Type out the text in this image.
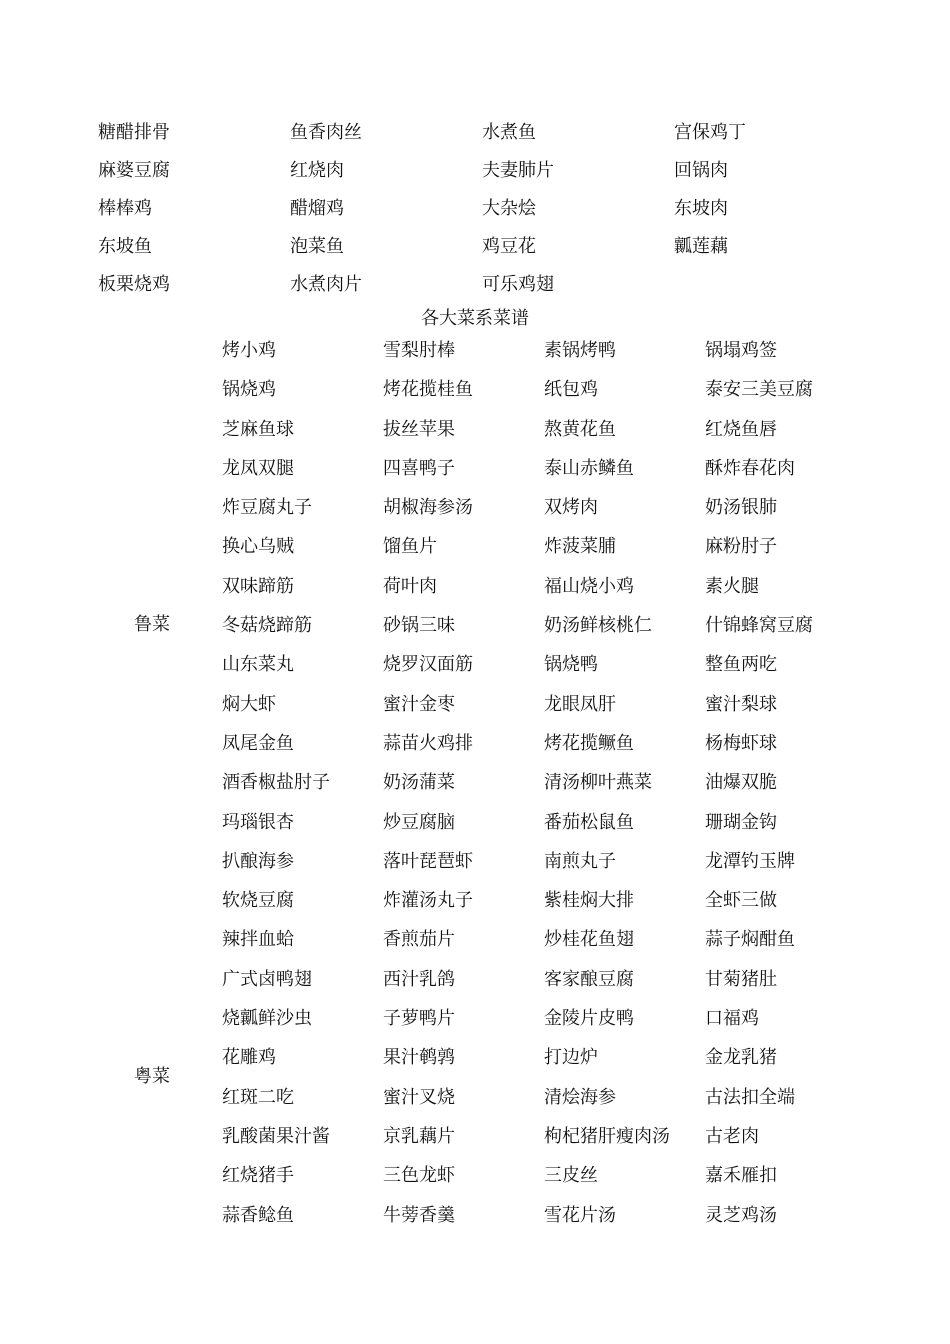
糖醋排骨	鱼香肉丝	水煮鱼	宫保鸡丁
麻婆豆腐	红烧肉	夫妻肺片	回锅肉
棒棒鸡	醋熘鸡	大杂烩	东坡肉
东坡鱼	泡菜鱼	鸡豆花	瓤莲藕
板栗烧鸡	水煮肉片	可乐鸡翅
各大菜系菜谱
鲁菜
粤菜
烤小鸡	雪梨肘棒	素锅烤鸭	锅塌鸡签
锅烧鸡	烤花揽桂鱼	纸包鸡	泰安三美豆腐
芝麻鱼球	拔丝苹果	熬黄花鱼	红烧鱼唇
龙凤双腿	四喜鸭子	泰山赤鳞鱼	酥炸春花肉
炸豆腐丸子	胡椒海参汤	双烤肉	奶汤银肺
换心乌贼	馏鱼片	炸菠菜脯	麻粉肘子
双味蹄筋	荷叶肉	福山烧小鸡	素火腿
冬菇烧蹄筋	砂锅三味	奶汤鲜核桃仁	什锦蜂窝豆腐
山东菜丸	烧罗汉面筋	锅烧鸭	整鱼两吃
焖大虾	蜜汁金枣	龙眼凤肝	蜜汁梨球
凤尾金鱼	蒜苗火鸡排	烤花揽鳜鱼	杨梅虾球
酒香椒盐肘子	奶汤蒲菜	清汤柳叶燕菜	油爆双脆
玛瑙银杏	炒豆腐脑	番茄松鼠鱼	珊瑚金钩
扒酿海参	落叶琵琶虾	南煎丸子	龙潭钓玉牌
软烧豆腐	炸灌汤丸子	紫桂焖大排	全虾三做
辣拌血蛤	香煎茄片	炒桂花鱼翅	蒜子焖酣鱼
广式卤鸭翅	西汁乳鸽	客家酿豆腐	甘菊猪肚
烧瓤鲜沙虫	子萝鸭片	金陵片皮鸭	口福鸡
花雕鸡	果汁鹌鹑	打边炉	金龙乳猪
红斑二吃	蜜汁叉烧	清烩海参	古法扣全端
乳酸菌果汁酱	京乳藕片	枸杞猪肝瘦肉汤	古老肉
红烧猪手	三色龙虾	三皮丝	嘉禾雁扣
蒜香鲶鱼	牛蒡香羹	雪花片汤	灵芝鸡汤
